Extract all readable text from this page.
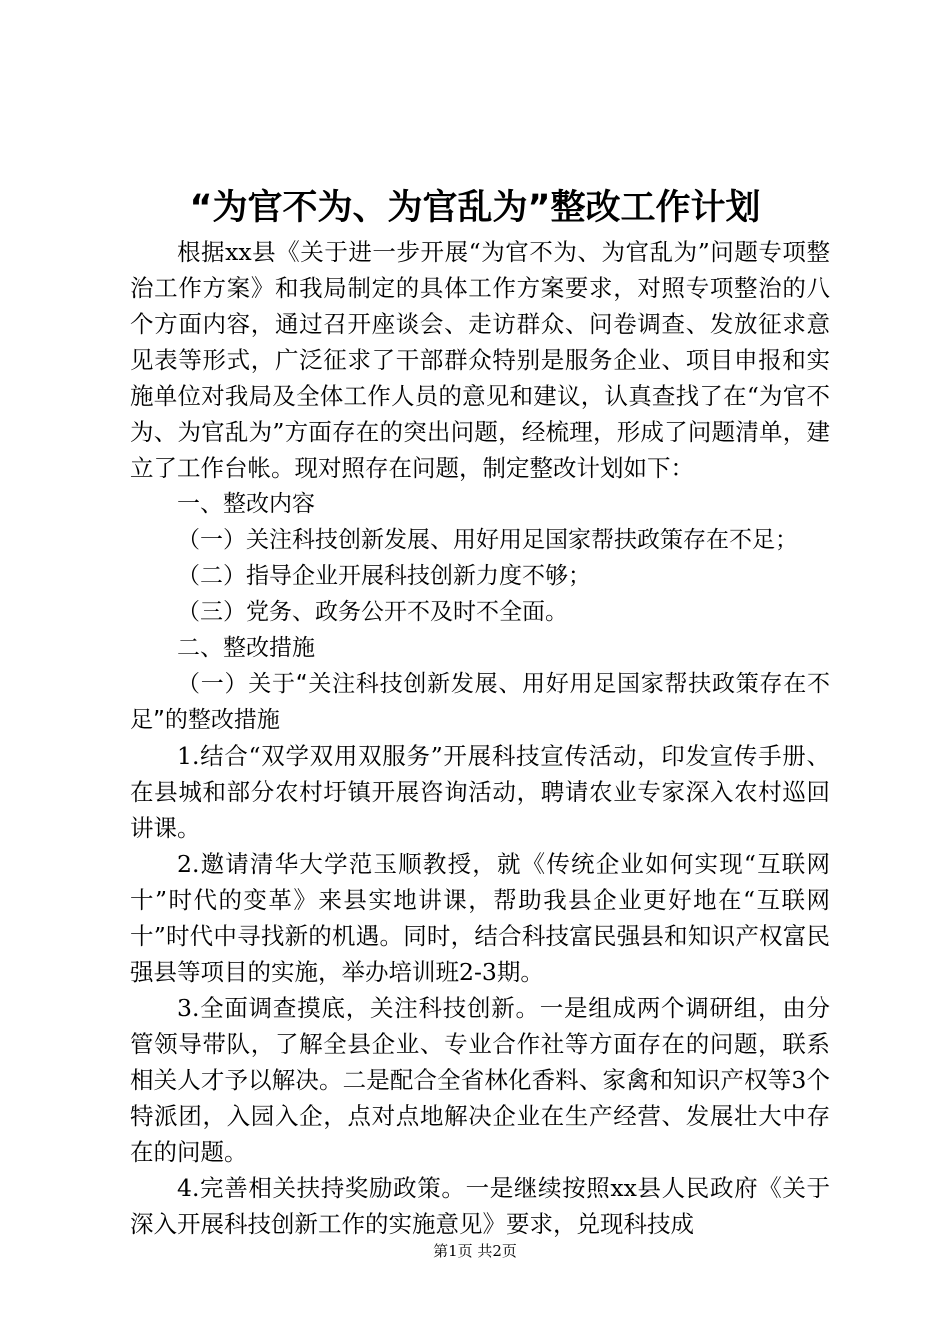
“为官不为、为官乱为”整改工作计划

根据xx县《关于进一步开展“为官不为、为官乱为”问题专项整治工作方案》和我局制定的具体工作方案要求，对照专项整治的八个方面内容，通过召开座谈会、走访群众、问卷调查、发放征求意见表等形式，广泛征求了干部群众特别是服务企业、项目申报和实施单位对我局及全体工作人员的意见和建议，认真查找了在“为官不为、为官乱为”方面存在的突出问题，经梳理，形成了问题清单，建立了工作台帐。现对照存在问题，制定整改计划如下：

一、整改内容

（一）关注科技创新发展、用好用足国家帮扶政策存在不足；

（二）指导企业开展科技创新力度不够；

（三）党务、政务公开不及时不全面。

二、整改措施

（一）关于“关注科技创新发展、用好用足国家帮扶政策存在不足”的整改措施

1.结合“双学双用双服务”开展科技宣传活动，印发宣传手册、在县城和部分农村圩镇开展咨询活动，聘请农业专家深入农村巡回讲课。

2.邀请清华大学范玉顺教授，就《传统企业如何实现“互联网十”时代的变革》来县实地讲课，帮助我县企业更好地在“互联网十”时代中寻找新的机遇。同时，结合科技富民强县和知识产权富民强县等项目的实施，举办培训班2-3期。

3.全面调查摸底，关注科技创新。一是组成两个调研组，由分管领导带队，了解全县企业、专业合作社等方面存在的问题，联系相关人才予以解决。二是配合全省林化香料、家禽和知识产权等3个特派团，入园入企，点对点地解决企业在生产经营、发展壮大中存在的问题。

4.完善相关扶持奖励政策。一是继续按照xx县人民政府《关于深入开展科技创新工作的实施意见》要求，兑现科技成

第1页 共2页
